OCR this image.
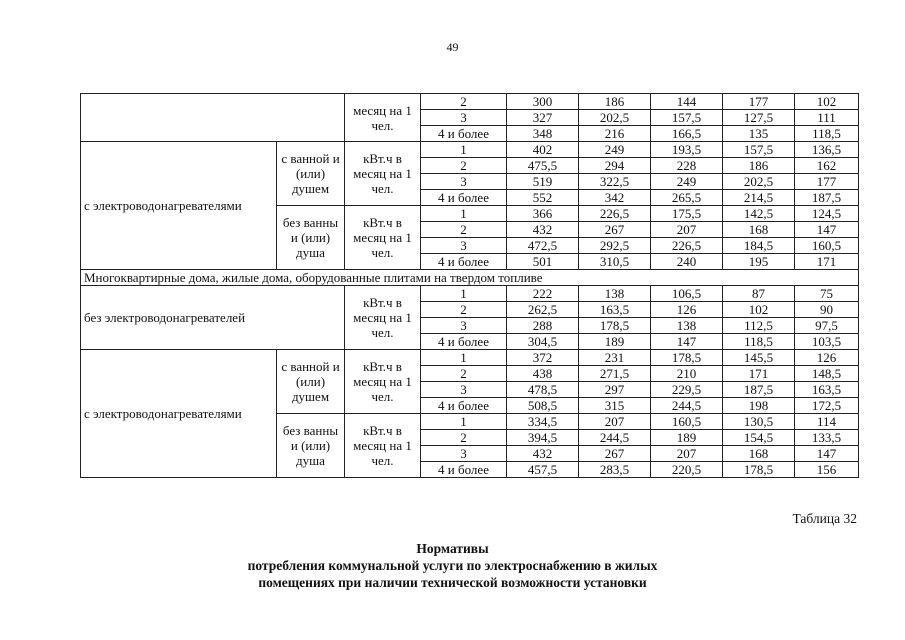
49
		месяц на 1 чел.	2	300	186	144	177	102
			3	327	202,5	157,5	127,5	111
			4 и более	348	216	166,5	135	118,5
с электроводонагревателями	с ванной и (или) душем	кВт.ч в месяц на 1 чел.	1	402	249	193,5	157,5	136,5
			2	475,5	294	228	186	162
			3	519	322,5	249	202,5	177
			4 и более	552	342	265,5	214,5	187,5
	без ванны и (или) душа	кВт.ч в месяц на 1 чел.	1	366	226,5	175,5	142,5	124,5
			2	432	267	207	168	147
			3	472,5	292,5	226,5	184,5	160,5
			4 и более	501	310,5	240	195	171
Многоквартирные дома, жилые дома, оборудованные плитами на твердом топливе								
без электроводонагревателей		кВт.ч в месяц на 1 чел.	1	222	138	106,5	87	75
			2	262,5	163,5	126	102	90
			3	288	178,5	138	112,5	97,5
			4 и более	304,5	189	147	118,5	103,5
с электроводонагревателями	с ванной и (или) душем	кВт.ч в месяц на 1 чел.	1	372	231	178,5	145,5	126
			2	438	271,5	210	171	148,5
			3	478,5	297	229,5	187,5	163,5
			4 и более	508,5	315	244,5	198	172,5
	без ванны и (или) душа	кВт.ч в месяц на 1 чел.	1	334,5	207	160,5	130,5	114
			2	394,5	244,5	189	154,5	133,5
			3	432	267	207	168	147
			4 и более	457,5	283,5	220,5	178,5	156
Таблица 32
Нормативы
потребления коммунальной услуги по электроснабжению в жилых
помещениях при наличии технической возможности установки
